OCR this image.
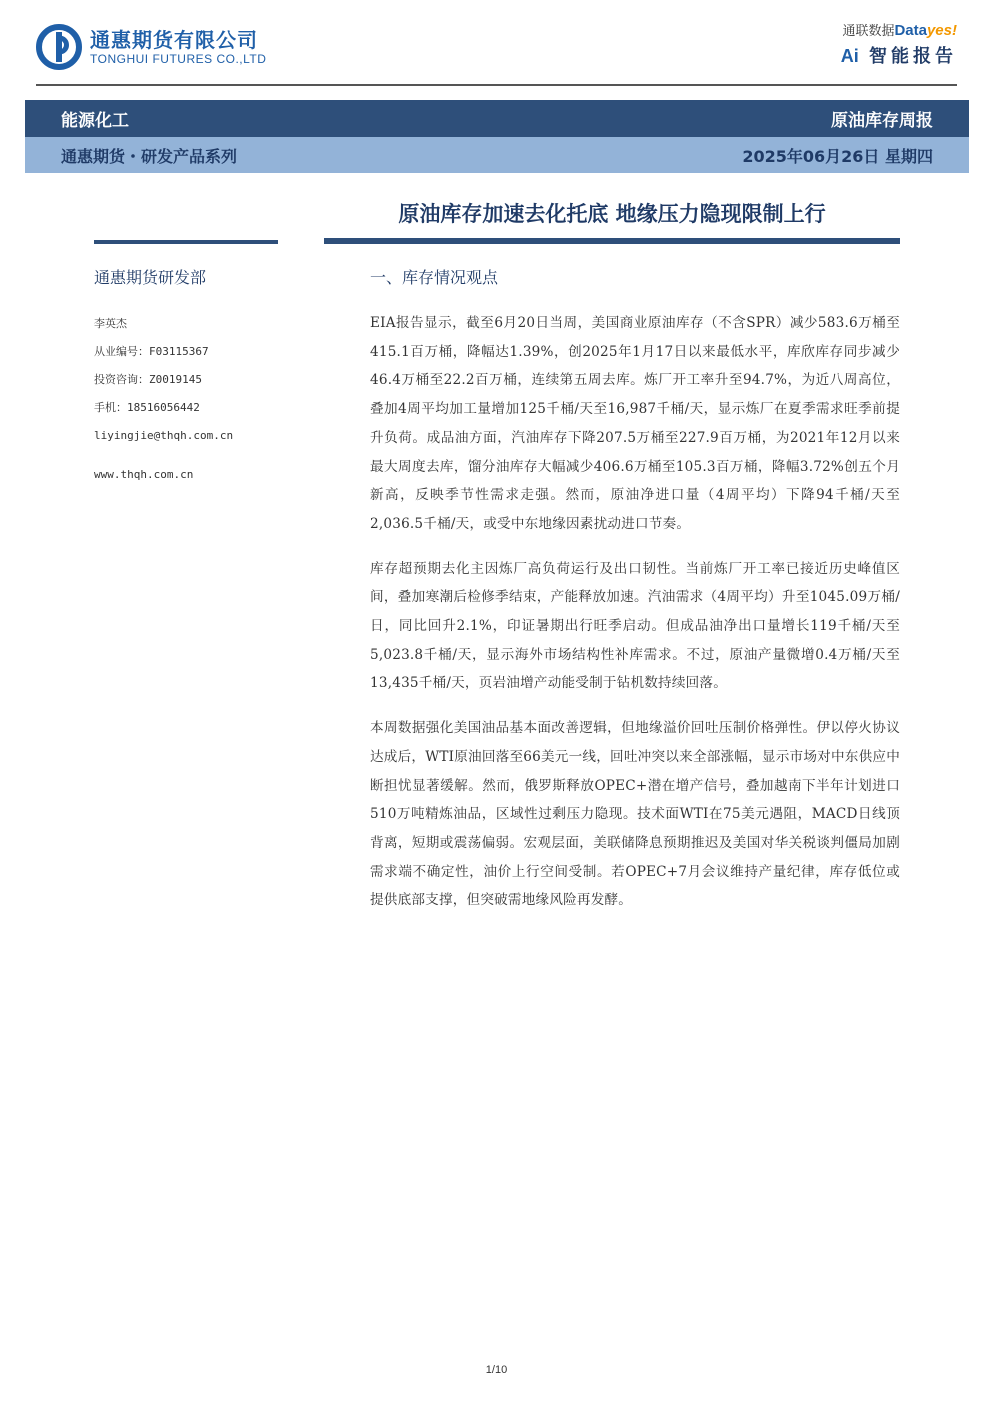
通惠期货有限公司
TONGHUI FUTURES CO.,LTD
通联数据Datayes!
Ai 智能报告
能源化工	原油库存周报
通惠期货・研发产品系列	2025年06月26日 星期四
原油库存加速去化托底 地缘压力隐现限制上行
通惠期货研发部
李英杰
从业编号：F03115367
投资咨询：Z0019145
手机：18516056442
liyingjie@thqh.com.cn
www.thqh.com.cn
一、库存情况观点

EIA报告显示，截至6月20日当周，美国商业原油库存（不含SPR）减少583.6万桶至415.1百万桶，降幅达1.39%，创2025年1月17日以来最低水平，库欣库存同步减少46.4万桶至22.2百万桶，连续第五周去库。炼厂开工率升至94.7%，为近八周高位，叠加4周平均加工量增加125千桶/天至16,987千桶/天，显示炼厂在夏季需求旺季前提升负荷。成品油方面，汽油库存下降207.5万桶至227.9百万桶，为2021年12月以来最大周度去库，馏分油库存大幅减少406.6万桶至105.3百万桶，降幅3.72%创五个月新高，反映季节性需求走强。然而，原油净进口量（4周平均）下降94千桶/天至2,036.5千桶/天，或受中东地缘因素扰动进口节奏。

库存超预期去化主因炼厂高负荷运行及出口韧性。当前炼厂开工率已接近历史峰值区间，叠加寒潮后检修季结束，产能释放加速。汽油需求（4周平均）升至1045.09万桶/日，同比回升2.1%，印证暑期出行旺季启动。但成品油净出口量增长119千桶/天至5,023.8千桶/天，显示海外市场结构性补库需求。不过，原油产量微增0.4万桶/天至13,435千桶/天，页岩油增产动能受制于钻机数持续回落。

本周数据强化美国油品基本面改善逻辑，但地缘溢价回吐压制价格弹性。伊以停火协议达成后，WTI原油回落至66美元一线，回吐冲突以来全部涨幅，显示市场对中东供应中断担忧显著缓解。然而，俄罗斯释放OPEC+潜在增产信号，叠加越南下半年计划进口510万吨精炼油品，区域性过剩压力隐现。技术面WTI在75美元遇阻，MACD日线顶背离，短期或震荡偏弱。宏观层面，美联储降息预期推迟及美国对华关税谈判僵局加剧需求端不确定性，油价上行空间受制。若OPEC+7月会议维持产量纪律，库存低位或提供底部支撑，但突破需地缘风险再发酵。

1/10
